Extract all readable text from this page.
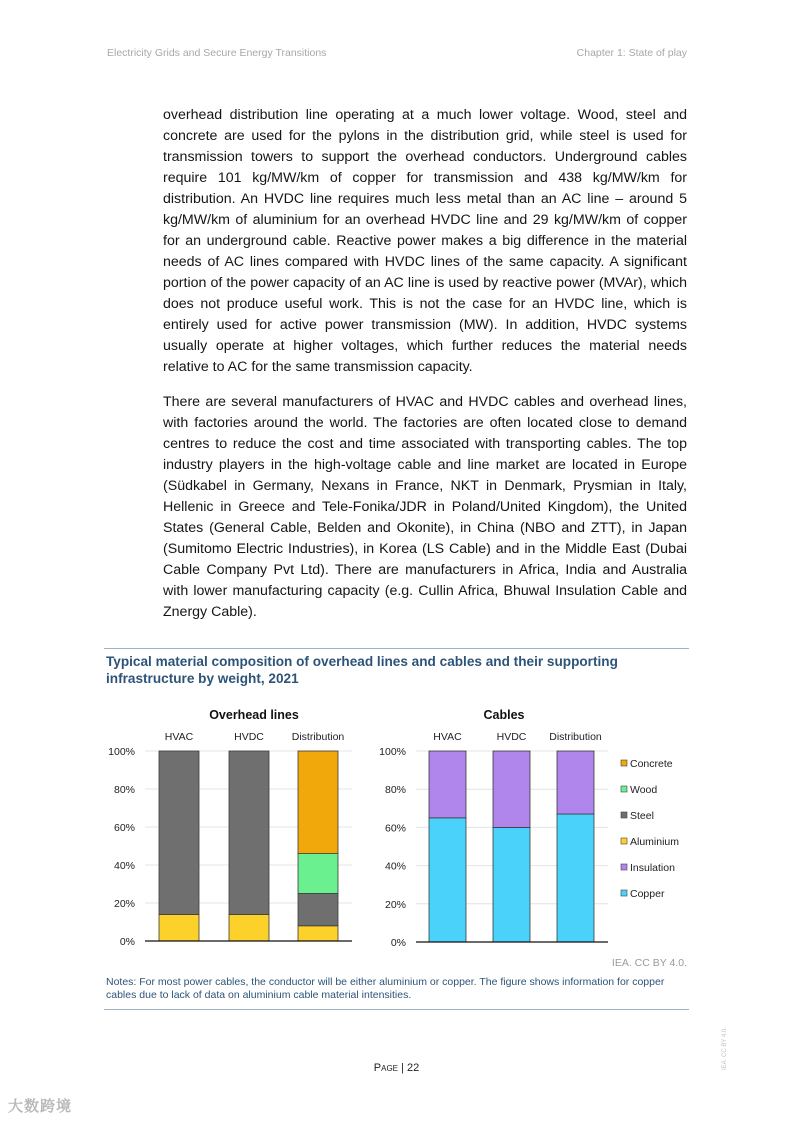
Electricity Grids and Secure Energy Transitions	Chapter 1: State of play

overhead distribution line operating at a much lower voltage. Wood, steel and concrete are used for the pylons in the distribution grid, while steel is used for transmission towers to support the overhead conductors. Underground cables require 101 kg/MW/km of copper for transmission and 438 kg/MW/km for distribution. An HVDC line requires much less metal than an AC line – around 5 kg/MW/km of aluminium for an overhead HVDC line and 29 kg/MW/km of copper for an underground cable. Reactive power makes a big difference in the material needs of AC lines compared with HVDC lines of the same capacity. A significant portion of the power capacity of an AC line is used by reactive power (MVAr), which does not produce useful work. This is not the case for an HVDC line, which is entirely used for active power transmission (MW). In addition, HVDC systems usually operate at higher voltages, which further reduces the material needs relative to AC for the same transmission capacity.

There are several manufacturers of HVAC and HVDC cables and overhead lines, with factories around the world. The factories are often located close to demand centres to reduce the cost and time associated with transporting cables. The top industry players in the high-voltage cable and line market are located in Europe (Südkabel in Germany, Nexans in France, NKT in Denmark, Prysmian in Italy, Hellenic in Greece and Tele-Fonika/JDR in Poland/United Kingdom), the United States (General Cable, Belden and Okonite), in China (NBO and ZTT), in Japan (Sumitomo Electric Industries), in Korea (LS Cable) and in the Middle East (Dubai Cable Company Pvt Ltd). There are manufacturers in Africa, India and Australia with lower manufacturing capacity (e.g. Cullin Africa, Bhuwal Insulation Cable and Znergy Cable).

Typical material composition of overhead lines and cables and their supporting infrastructure by weight, 2021

Overhead lines
0%
20%
40%
60%
80%
100%
HVAC	HVDC	Distribution
Cables
0%
20%
40%
60%
80%
100%
HVAC	HVDC Distribution
Concrete
Wood
Steel
Aluminium
Insulation
Copper
IEA. CC BY 4.0.

Notes: For most power cables, the conductor will be either aluminium or copper. The figure shows information for copper cables due to lack of data on aluminium cable material intensities.

Page | 22	IEA. CC BY 4.0.
大数跨境
